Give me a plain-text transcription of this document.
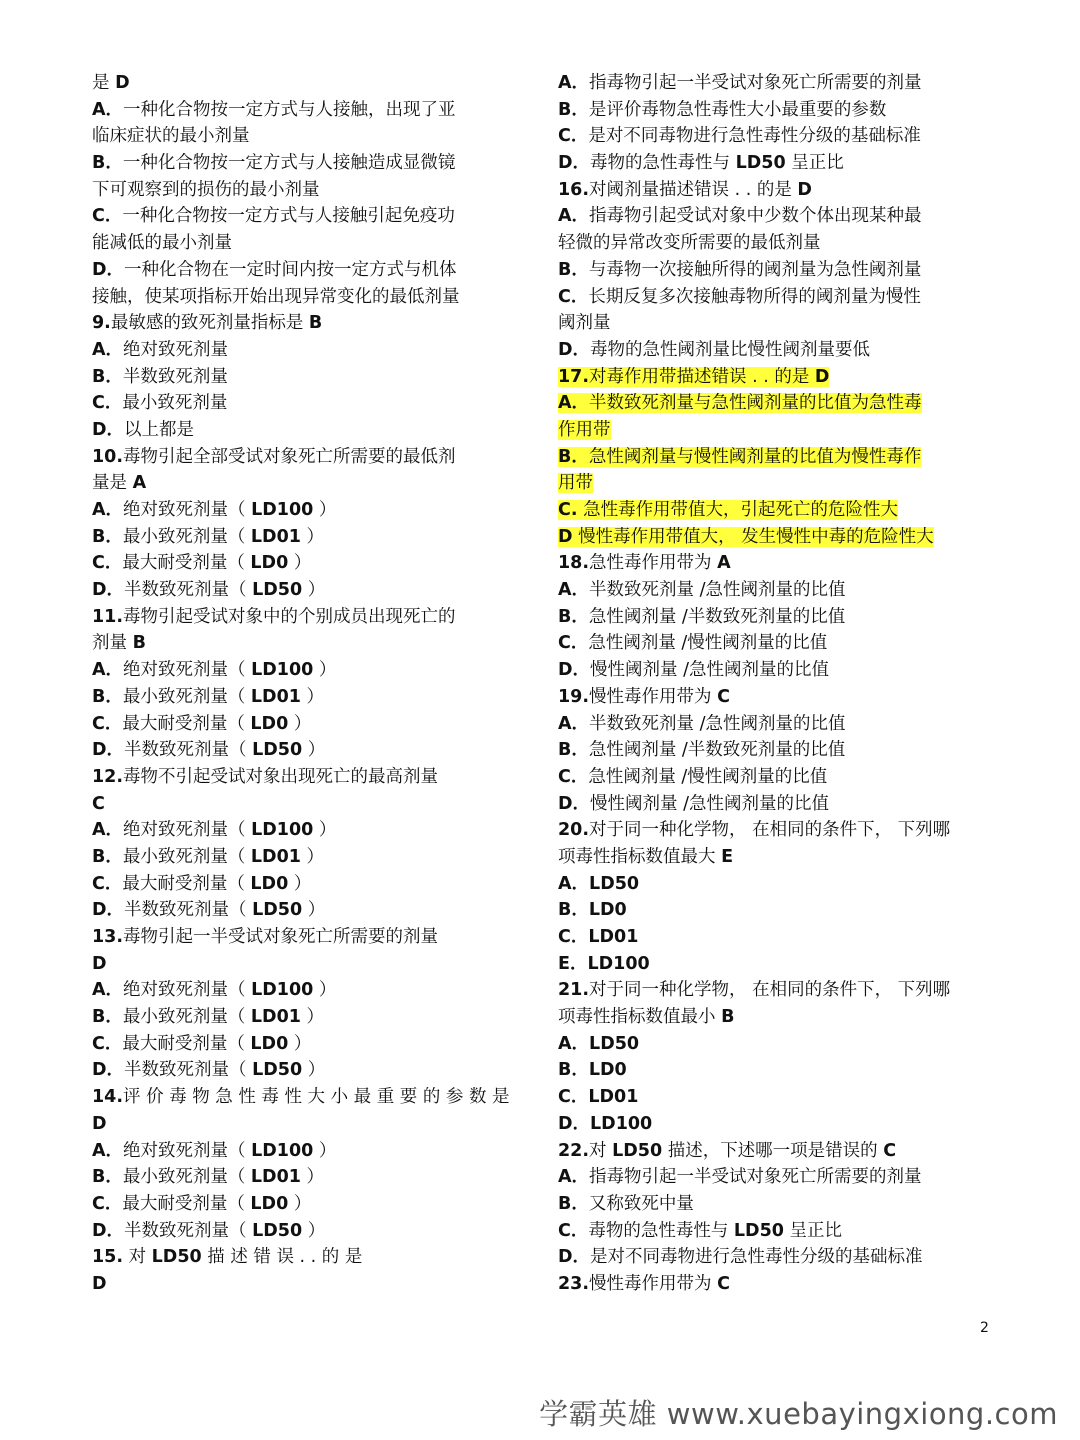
是 D
A．一种化合物按一定方式与人接触，出现了亚
临床症状的最小剂量
B．一种化合物按一定方式与人接触造成显微镜
下可观察到的损伤的最小剂量
C．一种化合物按一定方式与人接触引起免疫功
能减低的最小剂量
D．一种化合物在一定时间内按一定方式与机体
接触，使某项指标开始出现异常变化的最低剂量
9.最敏感的致死剂量指标是 B
A．绝对致死剂量
B．半数致死剂量
C．最小致死剂量
D．以上都是
10.毒物引起全部受试对象死亡所需要的最低剂
量是 A
A．绝对致死剂量（ LD100 ）
B．最小致死剂量（ LD01 ）
C．最大耐受剂量（ LD0 ）
D．半数致死剂量（ LD50 ）
11.毒物引起受试对象中的个别成员出现死亡的
剂量 B
A．绝对致死剂量（ LD100 ）
B．最小致死剂量（ LD01 ）
C．最大耐受剂量（ LD0 ）
D．半数致死剂量（ LD50 ）
12.毒物不引起受试对象出现死亡的最高剂量
C
A．绝对致死剂量（ LD100 ）
B．最小致死剂量（ LD01 ）
C．最大耐受剂量（ LD0 ）
D．半数致死剂量（ LD50 ）
13.毒物引起一半受试对象死亡所需要的剂量
D
A．绝对致死剂量（ LD100 ）
B．最小致死剂量（ LD01 ）
C．最大耐受剂量（ LD0 ）
D．半数致死剂量（ LD50 ）
14.评 价 毒 物 急 性 毒 性 大 小 最 重 要 的 参 数 是
D
A．绝对致死剂量（ LD100 ）
B．最小致死剂量（ LD01 ）
C．最大耐受剂量（ LD0 ）
D．半数致死剂量（ LD50 ）
15. 对 LD50 描 述 错 误 . . 的 是
D
A．指毒物引起一半受试对象死亡所需要的剂量
B．是评价毒物急性毒性大小最重要的参数
C．是对不同毒物进行急性毒性分级的基础标准
D．毒物的急性毒性与 LD50 呈正比
16.对阈剂量描述错误 . . 的是 D
A．指毒物引起受试对象中少数个体出现某种最
轻微的异常改变所需要的最低剂量
B．与毒物一次接触所得的阈剂量为急性阈剂量
C．长期反复多次接触毒物所得的阈剂量为慢性
阈剂量
D．毒物的急性阈剂量比慢性阈剂量要低
17.对毒作用带描述错误 . . 的是 D
A．半数致死剂量与急性阈剂量的比值为急性毒
作用带
B．急性阈剂量与慢性阈剂量的比值为慢性毒作
用带
C. 急性毒作用带值大，引起死亡的危险性大
D 慢性毒作用带值大， 发生慢性中毒的危险性大
18.急性毒作用带为 A
A．半数致死剂量 /急性阈剂量的比值
B．急性阈剂量 /半数致死剂量的比值
C．急性阈剂量 /慢性阈剂量的比值
D．慢性阈剂量 /急性阈剂量的比值
19.慢性毒作用带为 C
A．半数致死剂量 /急性阈剂量的比值
B．急性阈剂量 /半数致死剂量的比值
C．急性阈剂量 /慢性阈剂量的比值
D．慢性阈剂量 /急性阈剂量的比值
20.对于同一种化学物， 在相同的条件下， 下列哪
项毒性指标数值最大 E
A．LD50
B．LD0
C．LD01
E．LD100
21.对于同一种化学物， 在相同的条件下， 下列哪
项毒性指标数值最小 B
A．LD50
B．LD0
C．LD01
D．LD100
22.对 LD50 描述，下述哪一项是错误的 C
A．指毒物引起一半受试对象死亡所需要的剂量
B．又称致死中量
C．毒物的急性毒性与 LD50 呈正比
D．是对不同毒物进行急性毒性分级的基础标准
23.慢性毒作用带为 C
2
学霸英雄 www.xuebayingxiong.com
